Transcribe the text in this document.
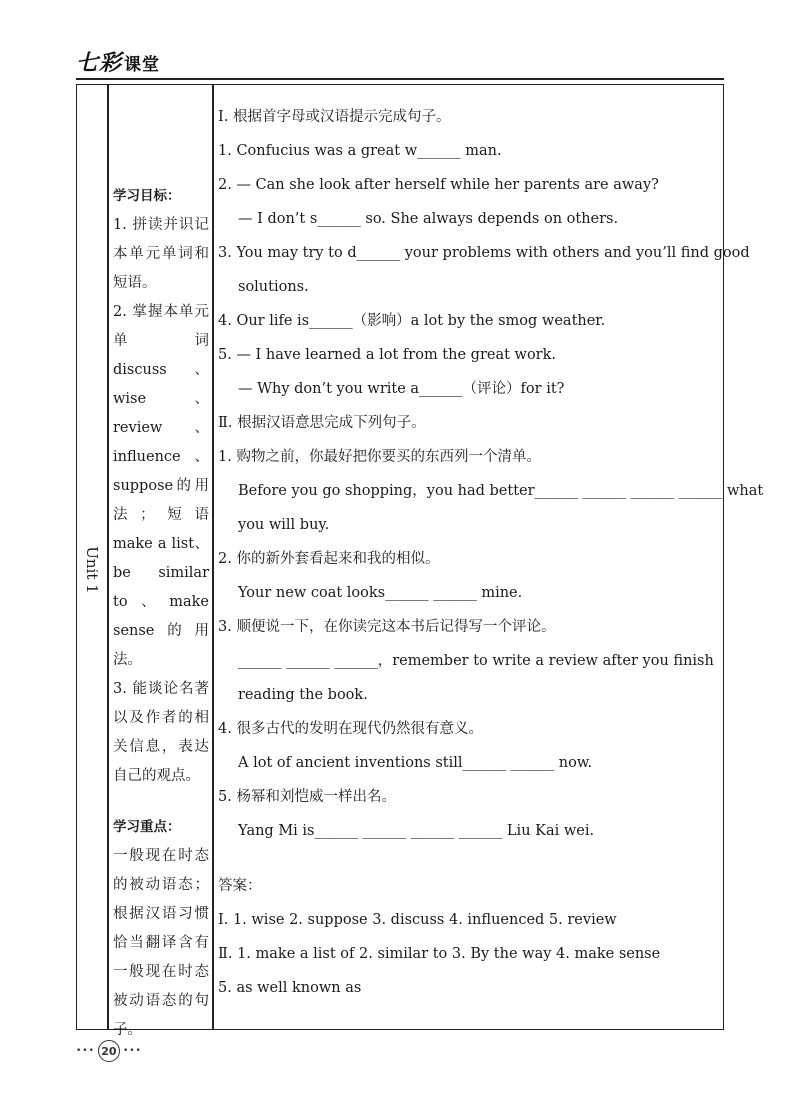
七彩 课堂
Unit 1
学习目标：
1. 拼读并识记本单元单词和短语。
2. 掌握本单元单词discuss、wise、review、influence、suppose的用法；短语make a list、be similar to、make sense的用法。
3. 能谈论名著以及作者的相关信息，表达自己的观点。
学习重点：
一般现在时态的被动语态；根据汉语习惯恰当翻译含有一般现在时态被动语态的句子。
Ⅰ. 根据首字母或汉语提示完成句子。
1. Confucius was a great w______ man.
2. — Can she look after herself while her parents are away?
— I don’t s______ so. She always depends on others.
3. You may try to d______ your problems with others and you’ll find good
solutions.
4. Our life is______（影响）a lot by the smog weather.
5. — I have learned a lot from the great work.
— Why don’t you write a______（评论）for it?
Ⅱ. 根据汉语意思完成下列句子。
1. 购物之前，你最好把你要买的东西列一个清单。
Before you go shopping，you had better______ ______ ______ ______ what
you will buy.
2. 你的新外套看起来和我的相似。
Your new coat looks______ ______ mine.
3. 顺便说一下，在你读完这本书后记得写一个评论。
______ ______ ______，remember to write a review after you finish
reading the book.
4. 很多古代的发明在现代仍然很有意义。
A lot of ancient inventions still______ ______ now.
5. 杨幂和刘恺威一样出名。
Yang Mi is______ ______ ______ ______ Liu Kai wei.
答案：
Ⅰ. 1. wise 2. suppose 3. discuss 4. influenced 5. review
Ⅱ. 1. make a list of 2. similar to 3. By the way 4. make sense
5. as well known as
••• 20 •••
